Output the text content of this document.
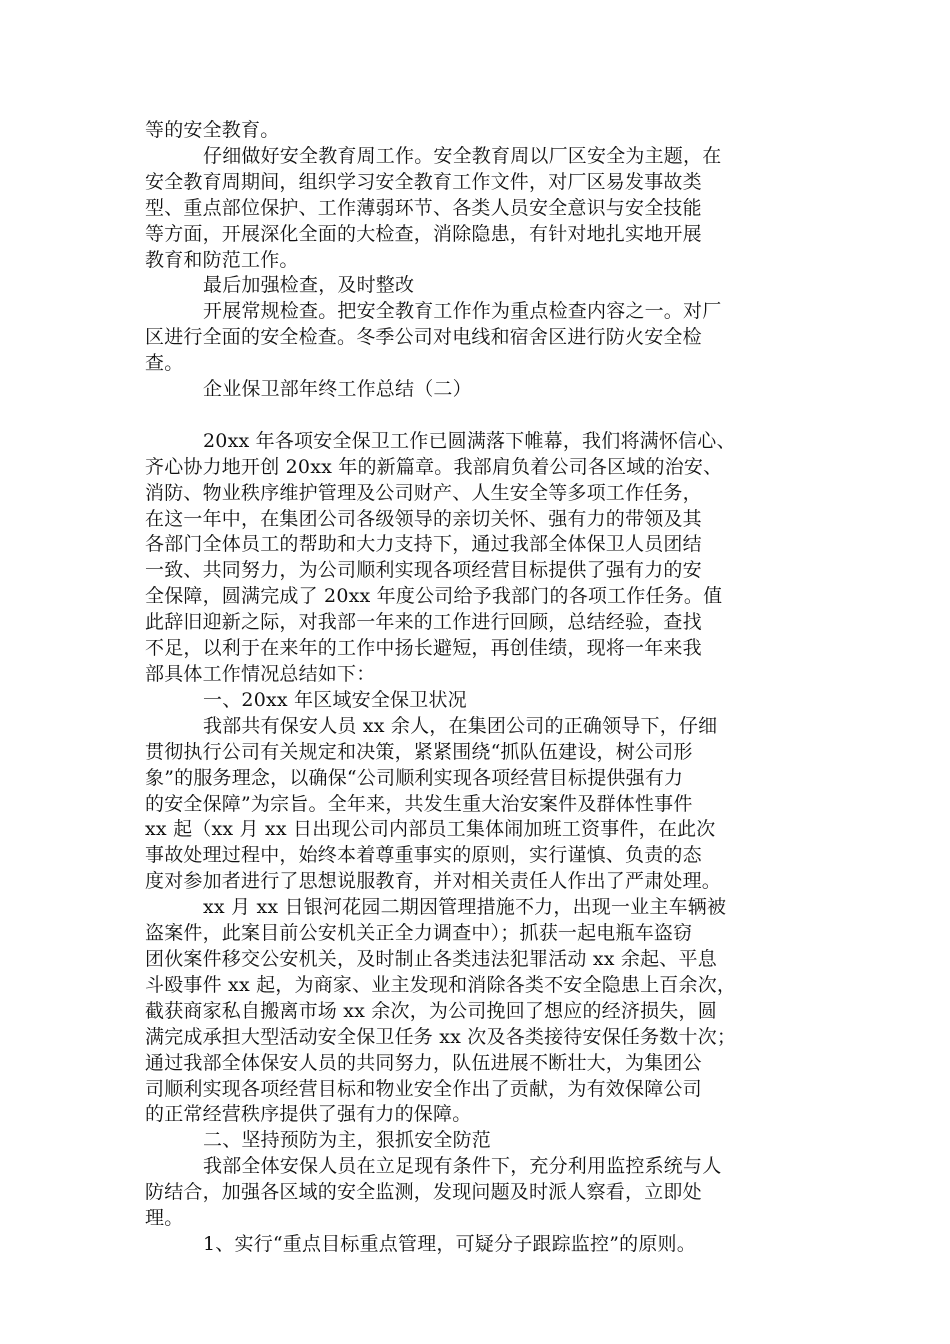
等的安全教育。
仔细做好安全教育周工作。安全教育周以厂区安全为主题，在
安全教育周期间，组织学习安全教育工作文件，对厂区易发事故类
型、重点部位保护、工作薄弱环节、各类人员安全意识与安全技能
等方面，开展深化全面的大检查，消除隐患，有针对地扎实地开展
教育和防范工作。
最后加强检查，及时整改
开展常规检查。把安全教育工作作为重点检查内容之一。对厂
区进行全面的安全检查。冬季公司对电线和宿舍区进行防火安全检
查。
企业保卫部年终工作总结（二）
20xx 年各项安全保卫工作已圆满落下帷幕，我们将满怀信心、
齐心协力地开创 20xx 年的新篇章。我部肩负着公司各区域的治安、
消防、物业秩序维护管理及公司财产、人生安全等多项工作任务，
在这一年中，在集团公司各级领导的亲切关怀、强有力的带领及其
各部门全体员工的帮助和大力支持下，通过我部全体保卫人员团结
一致、共同努力，为公司顺利实现各项经营目标提供了强有力的安
全保障，圆满完成了 20xx 年度公司给予我部门的各项工作任务。值
此辞旧迎新之际，对我部一年来的工作进行回顾，总结经验，查找
不足，以利于在来年的工作中扬长避短，再创佳绩，现将一年来我
部具体工作情况总结如下：
一、20xx 年区域安全保卫状况
我部共有保安人员 xx 余人，在集团公司的正确领导下，仔细
贯彻执行公司有关规定和决策，紧紧围绕“抓队伍建设，树公司形
象”的服务理念，以确保“公司顺利实现各项经营目标提供强有力
的安全保障”为宗旨。全年来，共发生重大治安案件及群体性事件
xx 起（xx 月 xx 日出现公司内部员工集体闹加班工资事件，在此次
事故处理过程中，始终本着尊重事实的原则，实行谨慎、负责的态
度对参加者进行了思想说服教育，并对相关责任人作出了严肃处理。
xx 月 xx 日银河花园二期因管理措施不力，出现一业主车辆被
盗案件，此案目前公安机关正全力调查中）；抓获一起电瓶车盗窃
团伙案件移交公安机关，及时制止各类违法犯罪活动 xx 余起、平息
斗殴事件 xx 起，为商家、业主发现和消除各类不安全隐患上百余次，
截获商家私自搬离市场 xx 余次，为公司挽回了想应的经济损失，圆
满完成承担大型活动安全保卫任务 xx 次及各类接待安保任务数十次；
通过我部全体保安人员的共同努力，队伍进展不断壮大，为集团公
司顺利实现各项经营目标和物业安全作出了贡献，为有效保障公司
的正常经营秩序提供了强有力的保障。
二、坚持预防为主，狠抓安全防范
我部全体安保人员在立足现有条件下，充分利用监控系统与人
防结合，加强各区域的安全监测，发现问题及时派人察看，立即处
理。
1、实行“重点目标重点管理，可疑分子跟踪监控”的原则。
